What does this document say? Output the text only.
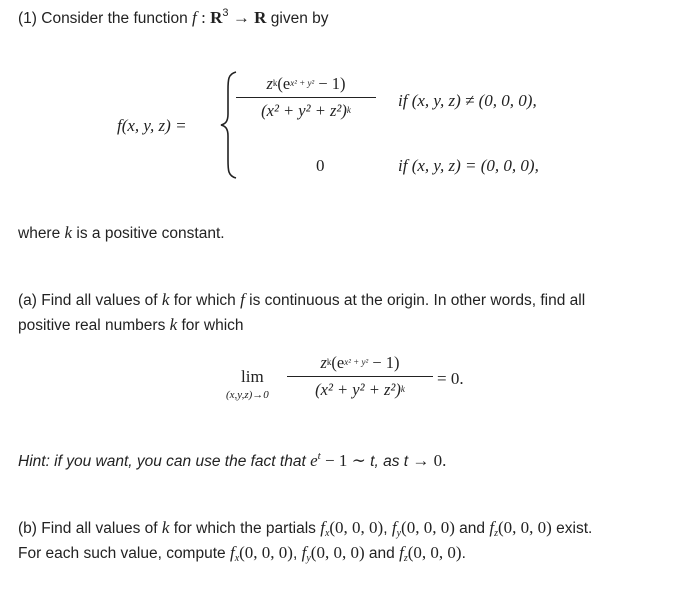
(1) Consider the function f : $R^3 \to R$ given by
f(x, y, z) =
zk(ex² + y² − 1)
(x² + y² + z²)k	if (x, y, z) ≠ (0, 0, 0),
0	if (x, y, z) = (0, 0, 0),
where k is a positive constant.
(a) Find all values of k for which f is continuous at the origin. In other words, find all
positive real numbers k for which
lim
(x,y,z)→0
zk(ex² + y² − 1)
(x² + y² + z²)k
= 0.
Hint: if you want, you can use the fact that $e^t - 1$ ∼ t, as t → 0.
(b) Find all values of k for which the partials $f_x(0$, 0, 0), $f_y(0$, 0, 0) and $f_z(0$, 0, 0) exist.
For each such value, compute $f_x(0$, 0, 0), $f_y(0$, 0, 0) and $f_z(0$, 0, 0).
